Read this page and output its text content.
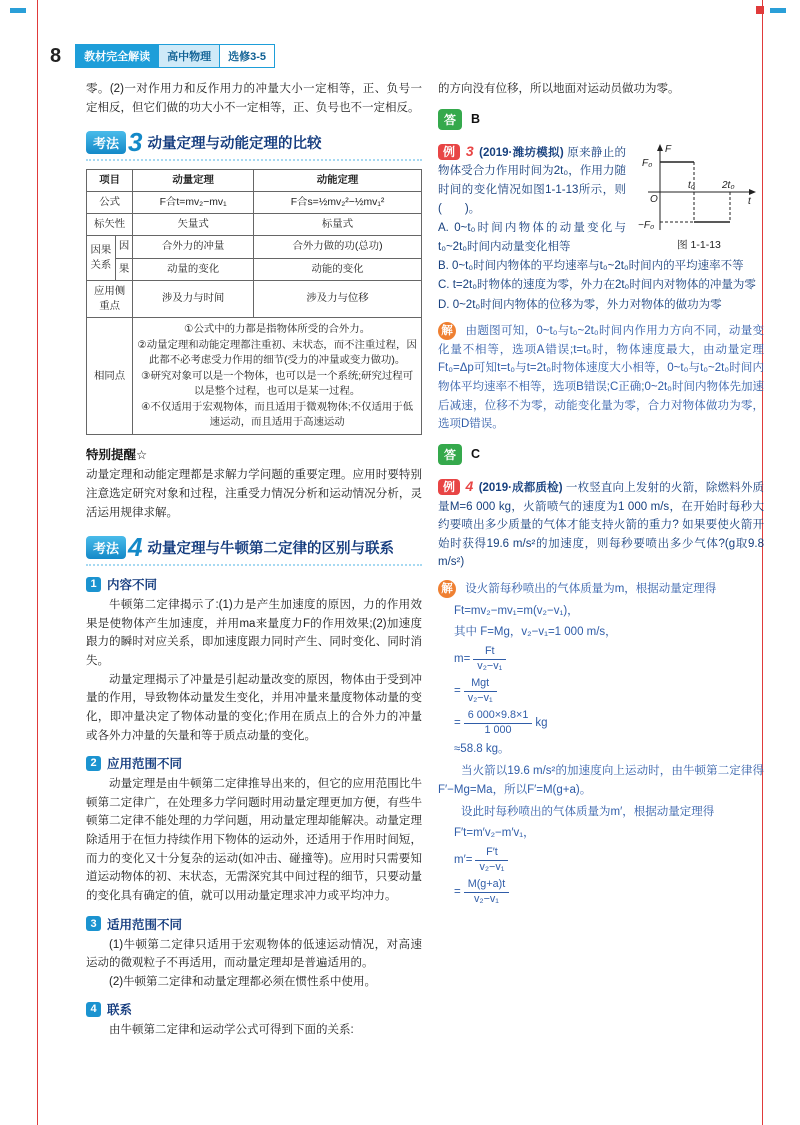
8	教材完全解读	高中物理	选修3-5

零。(2)一对作用力和反作用力的冲量大小一定相等，正、负号一定相反，但它们做的功大小不一定相等，正、负号也不一定相反。

考法 3 动量定理与动能定理的比较
项目		动量定理	动能定理
公式		F合t=mv₂−mv₁	F合s=½mv₂²−½mv₁²
标矢性		矢量式	标量式
因果关系	因	合外力的冲量	合外力做的功(总功)
	果	动量的变化	动能的变化
应用侧重点		涉及力与时间	涉及力与位移
相同点		①公式中的力都是指物体所受的合外力。
②动量定理和动能定理都注重初、末状态，而不注重过程，因此都不必考虑受力作用的细节(受力的冲量或变力做功)。
③研究对象可以是一个物体，也可以是一个系统;研究过程可以是整个过程，也可以是某一过程。
④不仅适用于宏观物体，而且适用于微观物体;不仅适用于低速运动，而且适用于高速运动	
特别提醒☆

动量定理和动能定理都是求解力学问题的重要定理。应用时要特别注意选定研究对象和过程，注重受力情况分析和运动情况分析，灵活运用规律求解。

考法 4 动量定理与牛顿第二定律的区别与联系
1 内容不同

牛顿第二定律揭示了:(1)力是产生加速度的原因，力的作用效果是使物体产生加速度，并用ma来量度力F的作用效果;(2)加速度跟力的瞬时对应关系，即加速度跟力同时产生、同时变化、同时消失。

动量定理揭示了冲量是引起动量改变的原因，物体由于受到冲量的作用，导致物体动量发生变化，并用冲量来量度物体动量的变化，即冲量决定了物体动量的变化;作用在质点上的合外力的冲量或各外力冲量的矢量和等于质点动量的变化。

2 应用范围不同

动量定理是由牛顿第二定律推导出来的，但它的应用范围比牛顿第二定律广，在处理多力学问题时用动量定理更加方便，有些牛顿第二定律不能处理的力学问题，用动量定理却能解决。动量定理除适用于在恒力持续作用下物体的运动外，还适用于作用时间短，而力的变化又十分复杂的运动(如冲击、碰撞等)。应用时只需要知道运动物体的初、末状态，无需深究其中间过程的细节，只要动量的变化具有确定的值，就可以用动量定理求冲力或平均冲力。

3 适用范围不同

(1)牛顿第二定律只适用于宏观物体的低速运动情况，对高速运动的微观粒子不再适用，而动量定理却是普遍适用的。

(2)牛顿第二定律和动量定理都必须在惯性系中使用。

4 联系

由牛顿第二定律和运动学公式可得到下面的关系:

的方向没有位移，所以地面对运动员做功为零。

答	B
F
F₀
O
t₀	2t₀
t
−F₀
图 1-1-13

例 3 (2019·潍坊模拟) 原来静止的物体受合力作用时间为2t₀，作用力随时间的变化情况如图1-1-13所示，则(　　)。

A. 0~t₀时间内物体的动量变化与t₀~2t₀时间内动量变化相等

B. 0~t₀时间内物体的平均速率与t₀~2t₀时间内的平均速率不等

C. t=2t₀时物体的速度为零，外力在2t₀时间内对物体的冲量为零

D. 0~2t₀时间内物体的位移为零，外力对物体的做功为零

解 由题图可知，0~t₀与t₀~2t₀时间内作用力方向不同，动量变化量不相等，选项A错误;t=t₀时，物体速度最大，由动量定理Ft₀=Δp可知t=t₀与t=2t₀时物体速度大小相等，0~t₀与t₀~2t₀时间内物体平均速率不相等，选项B错误;C正确;0~2t₀时间内物体先加速后减速，位移不为零，动能变化量为零，合力对物体做功为零，选项D错误。

答	C

例 4 (2019·成都质检) 一枚竖直向上发射的火箭，除燃料外质量M=6 000 kg，火箭喷气的速度为1 000 m/s，在开始时每秒大约要喷出多少质量的气体才能支持火箭的重力? 如果要使火箭开始时获得19.6 m/s²的加速度，则每秒要喷出多少气体?(g取9.8 m/s²)

解 设火箭每秒喷出的气体质量为m，根据动量定理得

Ft=mv₂−mv₁=m(v₂−v₁)，
其中 F=Mg，v₂−v₁=1 000 m/s，
$m= \frac{Ft}{\text{v₂−v₁}}$
= $\frac{\text{Mgt}}{\text{v₂−v₁}}$
= $\frac{6 000\times 9.8\times 1}{1 000}$ kg
≈58.8 kg。

当火箭以19.6 m/s²的加速度向上运动时，由牛顿第二定律得F′−Mg=Ma，所以F′=M(g+a)。

设此时每秒喷出的气体质量为m′，根据动量定理得

F′t=m′v₂−m′v₁，
$m'= \frac{F't}{\text{v₂−v₁}}$
= $\frac{M(g+a)t}{\text{v₂−v₁}}$
